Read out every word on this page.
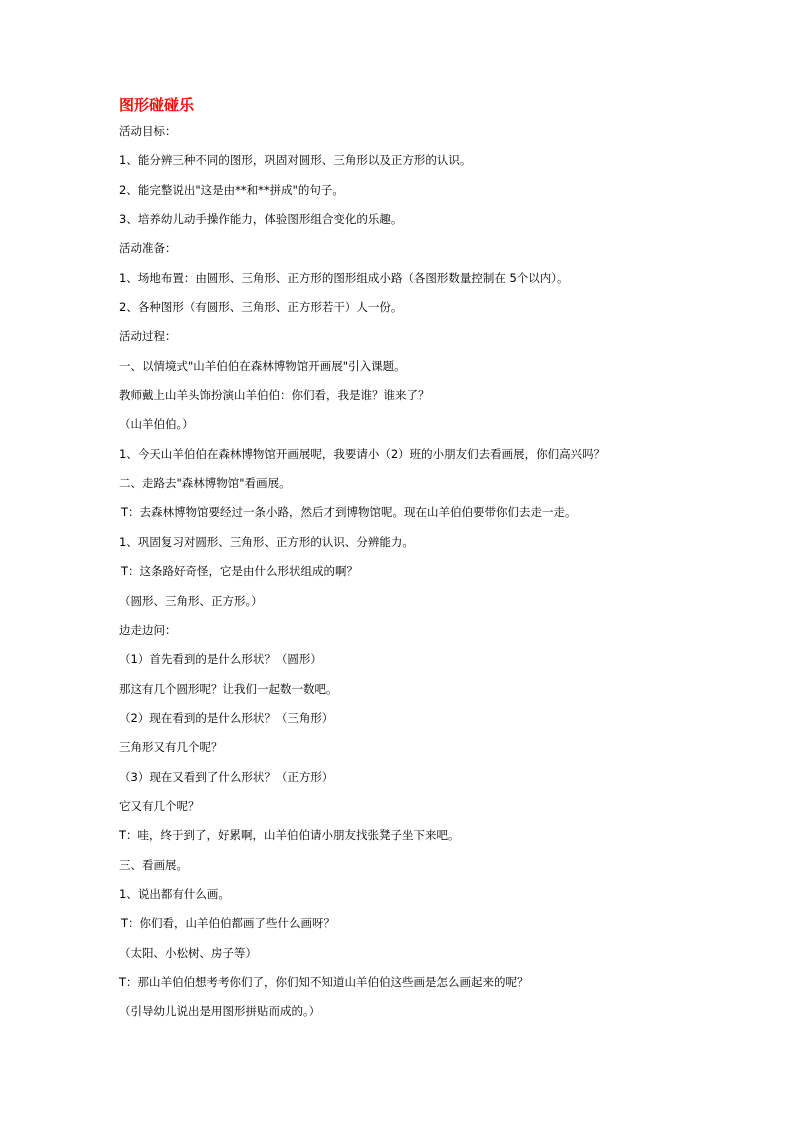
图形碰碰乐
活动目标：
1、能分辨三种不同的图形，巩固对圆形、三角形以及正方形的认识。
2、能完整说出"这是由**和**拼成"的句子。
3、培养幼儿动手操作能力，体验图形组合变化的乐趣。
活动准备：
1、场地布置：由圆形、三角形、正方形的图形组成小路（各图形数量控制在 5个以内）。
2、各种图形（有圆形、三角形、正方形若干）人一份。
活动过程：
一、以情境式"山羊伯伯在森林博物馆开画展"引入课题。
教师戴上山羊头饰扮演山羊伯伯：你们看，我是谁？谁来了？
（山羊伯伯。）
1、今天山羊伯伯在森林博物馆开画展呢，我要请小（2）班的小朋友们去看画展，你们高兴吗？
二、走路去"森林博物馆"看画展。
T：去森林博物馆要经过一条小路，然后才到博物馆呢。现在山羊伯伯要带你们去走一走。
1、巩固复习对圆形、三角形、正方形的认识、分辨能力。
T：这条路好奇怪，它是由什么形状组成的啊？
（圆形、三角形、正方形。）
边走边问：
（1）首先看到的是什么形状？（圆形）
那这有几个圆形呢？让我们一起数一数吧。
（2）现在看到的是什么形状？（三角形）
三角形又有几个呢？
（3）现在又看到了什么形状？（正方形）
它又有几个呢？
T：哇，终于到了，好累啊，山羊伯伯请小朋友找张凳子坐下来吧。
三、看画展。
1、说出都有什么画。
T：你们看，山羊伯伯都画了些什么画呀？
（太阳、小松树、房子等）
T：那山羊伯伯想考考你们了，你们知不知道山羊伯伯这些画是怎么画起来的呢？
（引导幼儿说出是用图形拼贴而成的。）
